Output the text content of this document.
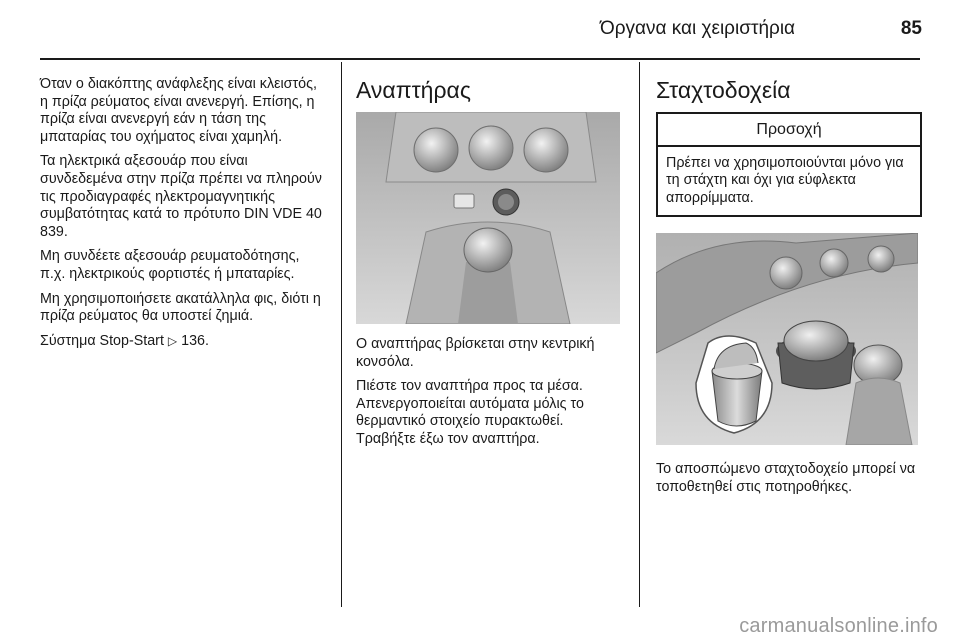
Όργανα και χειριστήρια	85

Όταν ο διακόπτης ανάφλεξης είναι κλειστός, η πρίζα ρεύματος είναι ανενεργή. Επίσης, η πρίζα είναι ανενεργή εάν η τάση της μπαταρίας του οχήματος είναι χαμηλή.

Τα ηλεκτρικά αξεσουάρ που είναι συνδεδεμένα στην πρίζα πρέπει να πληρούν τις προδιαγραφές ηλεκτρομαγνητικής συμβατότητας κατά το πρότυπο DIN VDE 40 839.

Μη συνδέετε αξεσουάρ ρευματοδότησης, π.χ. ηλεκτρικούς φορτιστές ή μπαταρίες.

Μη χρησιμοποιήσετε ακατάλληλα φις, διότι η πρίζα ρεύματος θα υποστεί ζημιά.

Σύστημα Stop-Start ▷ 136.

Αναπτήρας

Ο αναπτήρας βρίσκεται στην κεντρική κονσόλα.

Πιέστε τον αναπτήρα προς τα μέσα. Απενεργοποιείται αυτόματα μόλις το θερμαντικό στοιχείο πυρακτωθεί. Τραβήξτε έξω τον αναπτήρα.

Σταχτοδοχεία
Προσοχή
Πρέπει να χρησιμοποιούνται μόνο για τη στάχτη και όχι για εύφλεκτα απορρίμματα.

Το αποσπώμενο σταχτοδοχείο μπορεί να τοποθετηθεί στις ποτηροθήκες.

carmanualsonline.info
